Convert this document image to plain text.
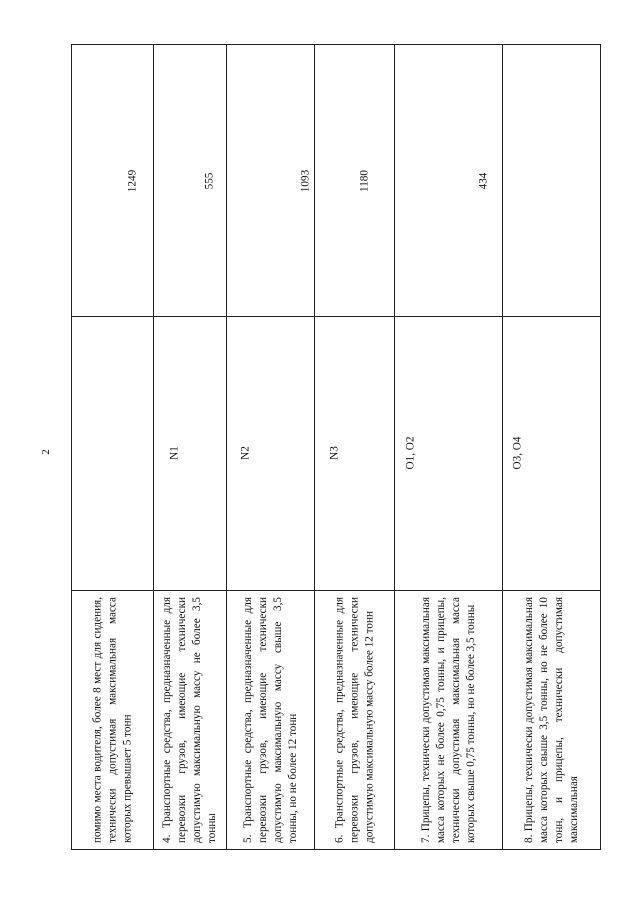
2
помимо места водителя, более 8 мест для сидения, технически допустимая максимальная масса которых превышает 5 тонн
1249
4. Транспортные средства, предназначенные для перевозки грузов, имеющие технически допустимую максимальную массу не более 3,5 тонны
N1
555
5. Транспортные средства, предназначенные для перевозки грузов, имеющие технически допустимую максимальную массу свыше 3,5 тонны, но не более 12 тонн
N2
1093
6. Транспортные средства, предназначенные для перевозки грузов, имеющие технически допустимую максимальную массу более 12 тонн
N3
1180
7. Прицепы, технически допустимая максимальная масса которых не более 0,75 тонны, и прицепы, технически допустимая максимальная масса которых свыше 0,75 тонны, но не более 3,5 тонны
O1, O2
434
8. Прицепы, технически допустимая максимальная масса которых свыше 3,5 тонны, но не более 10 тонн, и прицепы, технически допустимая максимальная
O3, O4
